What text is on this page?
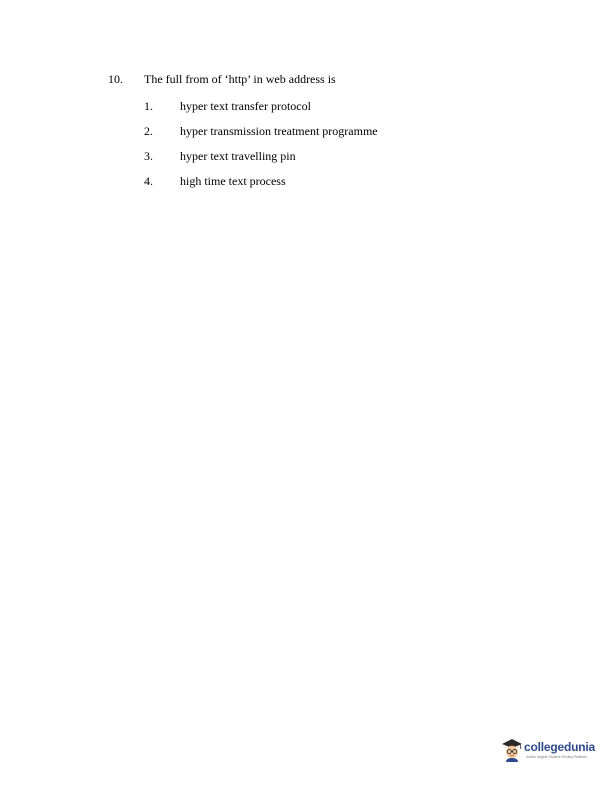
10. The full from of ‘http’ in web address is
1. hyper text transfer protocol
2. hyper transmission treatment programme
3. hyper text travelling pin
4. high time text process
collegedunia
India's largest Student Review Platform
